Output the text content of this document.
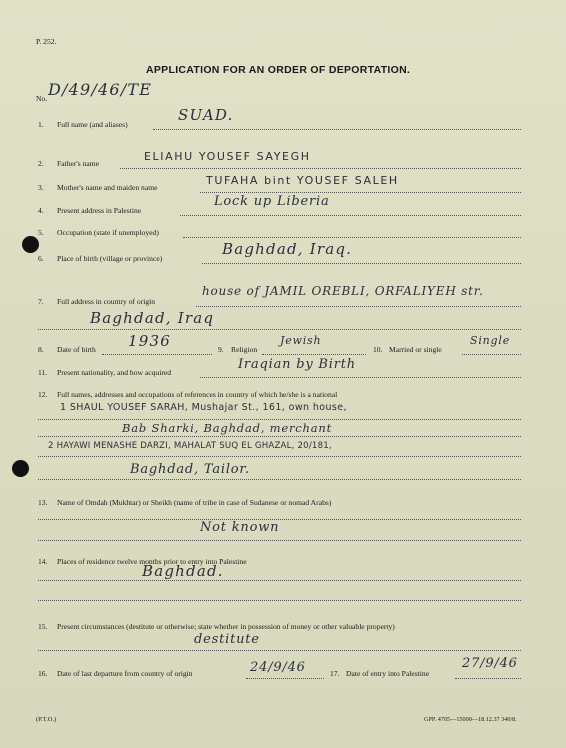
P. 252.
APPLICATION FOR AN ORDER OF DEPORTATION.
No. D/49/46/TE
1. Full name (and aliases)
SUAD.
2. Father's name
ELIAHU YOUSEF SAYEGH
3. Mother's name and maiden name
TUFAHA bint YOUSEF SALEH
4. Present address in Palestine
Lock up Liberia
5. Occupation (state if unemployed)
6. Place of birth (village or province)
Baghdad, Iraq.
7. Full address in country of origin
house of JAMIL OREBLI, ORFALIYEH str.
Baghdad, Iraq
8. Date of birth 1936	9. Religion
Jewish
10. Married or single
Single
11. Present nationality, and how acquired
Iraqian by Birth
12. Full names, addresses and occupations of references in country of which he/she is a national
1 SHAUL YOUSEF SARAH, Mushajar St., 161, own house,
Bab Sharki, Baghdad, merchant
2 HAYAWI MENASHE DARZI, MAHALAT SUQ EL GHAZAL, 20/181,
Baghdad, Tailor.
13. Name of Omdah (Mukhtar) or Sheikh (name of tribe in case of Sudanese or nomad Arabs)
Not known
14. Places of residence twelve months prior to entry into Palestine
Baghdad.
15. Present circumstances (destitute or otherwise; state whether in possession of money or other valuable property)
destitute
16. Date of last departure from country of origin	24/9/46	17. Date of entry into Palestine
27/9/46
(P.T.O.)	GPP. 4705—15000—18.12.37 340/8.
